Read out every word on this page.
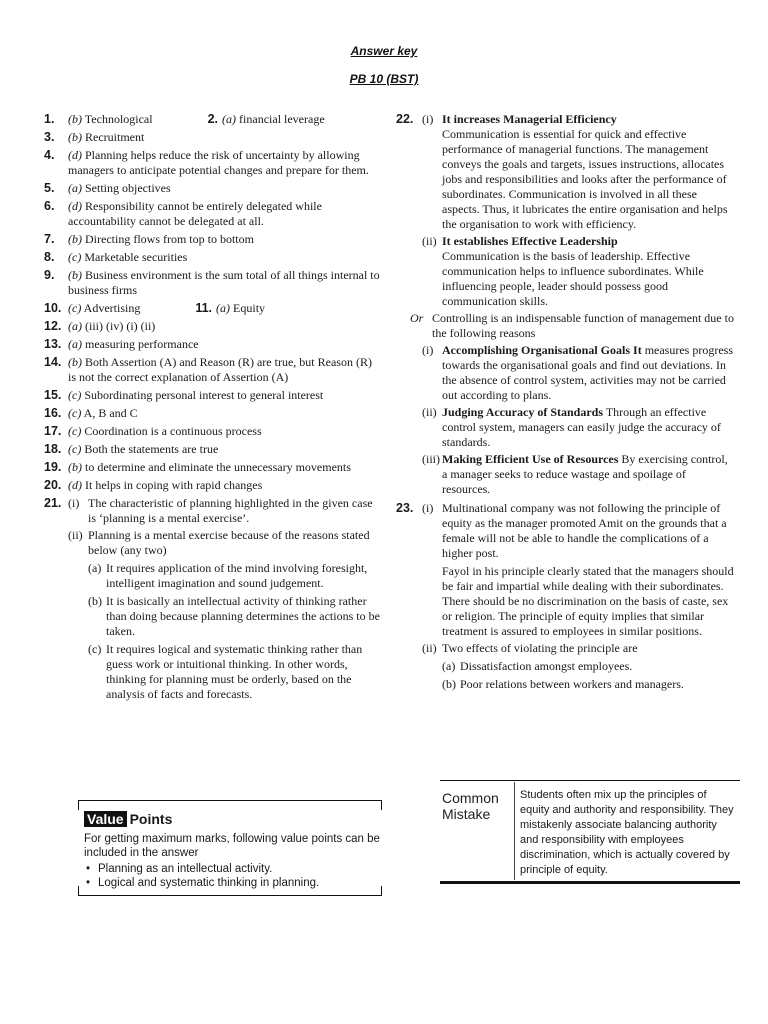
Answer key
PB 10 (BST)
1. (b) Technological	2. (a) financial leverage
3. (b) Recruitment
4. (d) Planning helps reduce the risk of uncertainty by allowing managers to anticipate potential changes and prepare for them.
5. (a) Setting objectives
6. (d) Responsibility cannot be entirely delegated while accountability cannot be delegated at all.
7. (b) Directing flows from top to bottom
8. (c) Marketable securities
9. (b) Business environment is the sum total of all things internal to business firms
10. (c) Advertising	11. (a) Equity
12. (a) (iii) (iv) (i) (ii)
13. (a) measuring performance
14. (b) Both Assertion (A) and Reason (R) are true, but Reason (R) is not the correct explanation of Assertion (A)
15. (c) Subordinating personal interest to general interest
16. (c) A, B and C
17. (c) Coordination is a continuous process
18. (c) Both the statements are true
19. (b) to determine and eliminate the unnecessary movements
20. (d) It helps in coping with rapid changes
21. (i) The characteristic of planning highlighted in the given case is ‘planning is a mental exercise’.
(ii) Planning is a mental exercise because of the reasons stated below (any two)
(a) It requires application of the mind involving foresight, intelligent imagination and sound judgement.
(b) It is basically an intellectual activity of thinking rather than doing because planning determines the actions to be taken.
(c) It requires logical and systematic thinking rather than guess work or intuitional thinking. In other words, thinking for planning must be orderly, based on the analysis of facts and forecasts.
Value Points
For getting maximum marks, following value points can be included in the answer
• Planning as an intellectual activity.
• Logical and systematic thinking in planning.
22. (i) It increases Managerial Efficiency
Communication is essential for quick and effective performance of managerial functions. The management conveys the goals and targets, issues instructions, allocates jobs and responsibilities and looks after the performance of subordinates. Communication is involved in all these aspects. Thus, it lubricates the entire organisation and helps the organisation to work with efficiency.
(ii) It establishes Effective Leadership
Communication is the basis of leadership. Effective communication helps to influence subordinates. While influencing people, leader should possess good communication skills.
Or Controlling is an indispensable function of management due to the following reasons
(i) Accomplishing Organisational Goals It measures progress towards the organisational goals and find out deviations. In the absence of control system, activities may not be carried out according to plans.
(ii) Judging Accuracy of Standards Through an effective control system, managers can easily judge the accuracy of standards.
(iii) Making Efficient Use of Resources By exercising control, a manager seeks to reduce wastage and spoilage of resources.
23. (i) Multinational company was not following the principle of equity as the manager promoted Amit on the grounds that a female will not be able to handle the complications of a higher post.
Fayol in his principle clearly stated that the managers should be fair and impartial while dealing with their subordinates. There should be no discrimination on the basis of caste, sex or religion. The principle of equity implies that similar treatment is assured to employees in similar positions.
(ii) Two effects of violating the principle are
(a) Dissatisfaction amongst employees.
(b) Poor relations between workers and managers.
Common Mistake
Students often mix up the principles of equity and authority and responsibility. They mistakenly associate balancing authority and responsibility with employees discrimination, which is actually covered by principle of equity.
